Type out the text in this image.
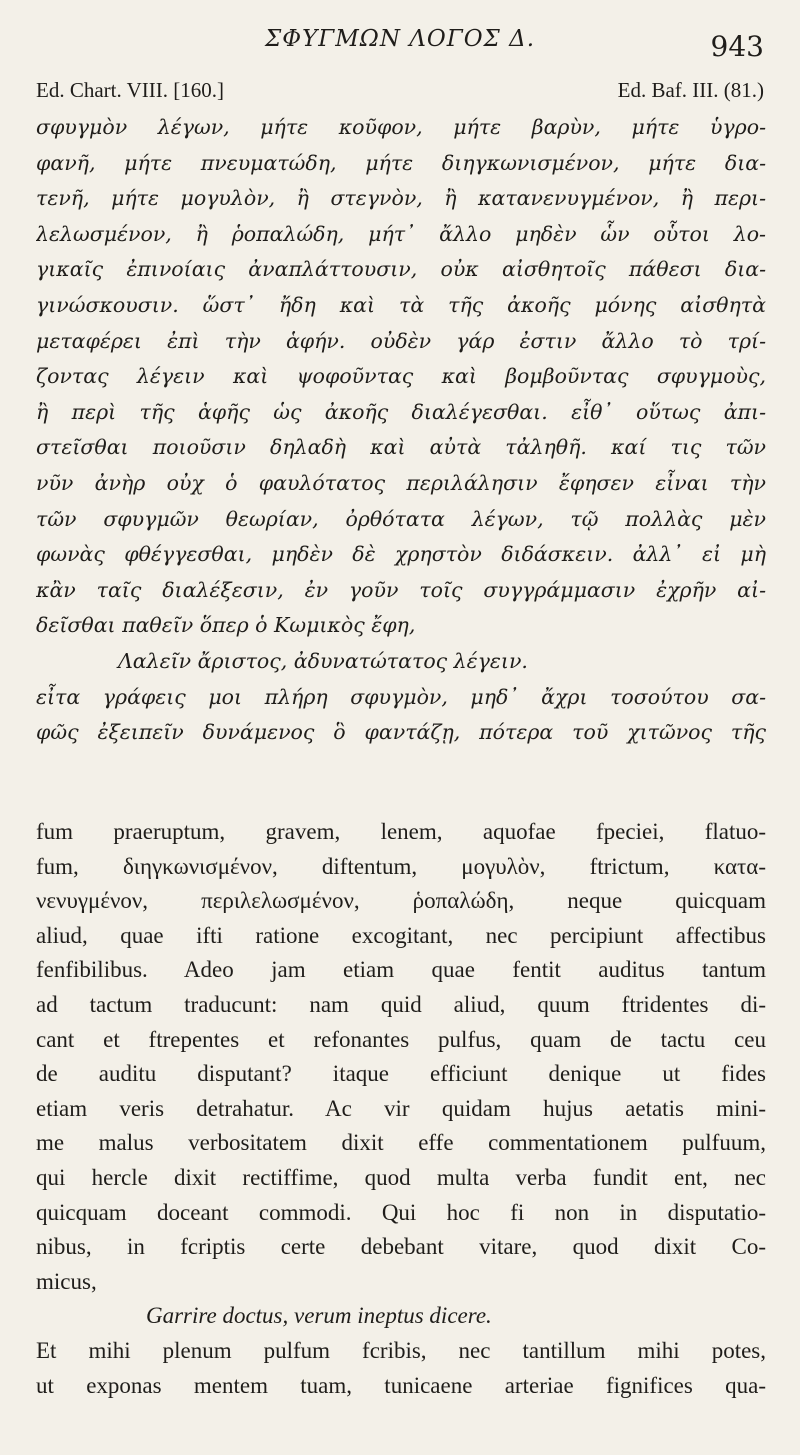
ΣΦΥΓΜΩΝ ΛΟΓΟΣ Δ.	943
Ed. Chart. VIII. [160.]	Ed. Baf. III. (81.)
σφυγμὸν λέγων, μήτε κοῦφον, μήτε βαρὺν, μήτε ὑγρο-
φανῆ, μήτε πνευματώδη, μήτε διηγκωνισμένον, μήτε δια-
τενῆ, μήτε μογυλὸν, ἢ στεγνὸν, ἢ κατανενυγμένον, ἢ περι-
λελωσμένον, ἢ ῥοπαλώδη, μήτ᾽ ἄλλο μηδὲν ὧν οὗτοι λο-
γικαῖς ἐπινοίαις ἀναπλάττουσιν, οὐκ αἰσθητοῖς πάθεσι δια-
γινώσκουσιν. ὥστ᾽ ἤδη καὶ τὰ τῆς ἀκοῆς μόνης αἰσθητὰ
μεταφέρει ἐπὶ τὴν ἁφήν. οὐδὲν γάρ ἐστιν ἄλλο τὸ τρί-
ζοντας λέγειν καὶ ψοφοῦντας καὶ βομβοῦντας σφυγμοὺς,
ἢ περὶ τῆς ἁφῆς ὡς ἀκοῆς διαλέγεσθαι. εἶθ᾽ οὕτως ἀπι-
στεῖσθαι ποιοῦσιν δηλαδὴ καὶ αὐτὰ τἀληθῆ. καί τις τῶν
νῦν ἀνὴρ οὐχ ὁ φαυλότατος περιλάλησιν ἔφησεν εἶναι τὴν
τῶν σφυγμῶν θεωρίαν, ὀρθότατα λέγων, τῷ πολλὰς μὲν
φωνὰς φθέγγεσθαι, μηδὲν δὲ χρηστὸν διδάσκειν. ἀλλ᾽ εἰ μὴ
κἂν ταῖς διαλέξεσιν, ἐν γοῦν τοῖς συγγράμμασιν ἐχρῆν αἰ-
δεῖσθαι παθεῖν ὅπερ ὁ Κωμικὸς ἔφη,
Λαλεῖν ἄριστος, ἀδυνατώτατος λέγειν.
εἶτα γράφεις μοι πλήρη σφυγμὸν, μηδ᾽ ἄχρι τοσούτου σα-
φῶς ἐξειπεῖν δυνάμενος ὃ φαντάζῃ, πότερα τοῦ χιτῶνος τῆς
fum praeruptum, gravem, lenem, aquofae fpeciei, flatuo-
fum, διηγκωνισμένον, diftentum, μογυλὸν, ftrictum, κατα-
νενυγμένον, περιλελωσμένον, ῥοπαλώδη, neque quicquam
aliud, quae ifti ratione excogitant, nec percipiunt affectibus
fenfibilibus. Adeo jam etiam quae fentit auditus tantum
ad tactum traducunt: nam quid aliud, quum ftridentes di-
cant et ftrepentes et refonantes pulfus, quam de tactu ceu
de auditu disputant? itaque efficiunt denique ut fides
etiam veris detrahatur. Ac vir quidam hujus aetatis mini-
me malus verbositatem dixit effe commentationem pulfuum,
qui hercle dixit rectiffime, quod multa verba fundit ent, nec
quicquam doceant commodi. Qui hoc fi non in disputatio-
nibus, in fcriptis certe debebant vitare, quod dixit Co-
micus,
Garrire doctus, verum ineptus dicere.
Et mihi plenum pulfum fcribis, nec tantillum mihi potes,
ut exponas mentem tuam, tunicaene arteriae fignifices qua-
